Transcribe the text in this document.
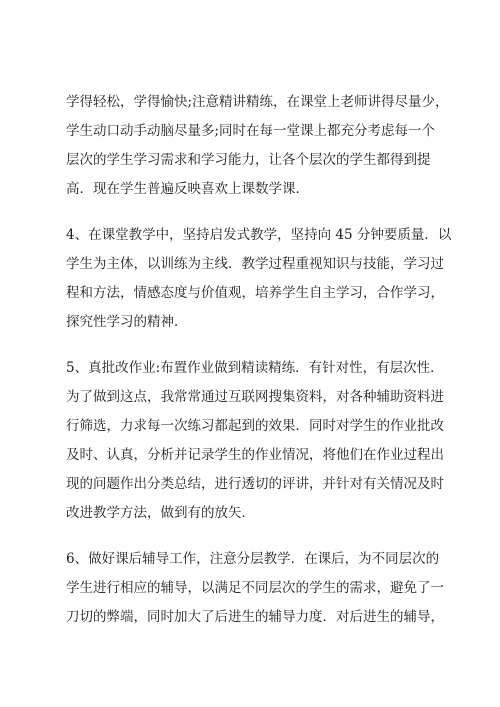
学得轻松，学得愉快;注意精讲精练，在课堂上老师讲得尽量少，
学生动口动手动脑尽量多;同时在每一堂课上都充分考虑每一个
层次的学生学习需求和学习能力，让各个层次的学生都得到提
高．现在学生普遍反映喜欢上课数学课．
4、在课堂教学中，坚持启发式教学，坚持向 45 分钟要质量．以
学生为主体，以训练为主线．教学过程重视知识与技能，学习过
程和方法，情感态度与价值观，培养学生自主学习，合作学习，
探究性学习的精神．
5、真批改作业:布置作业做到精读精练．有针对性，有层次性．
为了做到这点，我常常通过互联网搜集资料，对各种辅助资料进
行筛选，力求每一次练习都起到的效果．同时对学生的作业批改
及时、认真，分析并记录学生的作业情况，将他们在作业过程出
现的问题作出分类总结，进行透切的评讲，并针对有关情况及时
改进教学方法，做到有的放矢．
6、做好课后辅导工作，注意分层教学．在课后，为不同层次的
学生进行相应的辅导，以满足不同层次的学生的需求，避免了一
刀切的弊端，同时加大了后进生的辅导力度．对后进生的辅导，
